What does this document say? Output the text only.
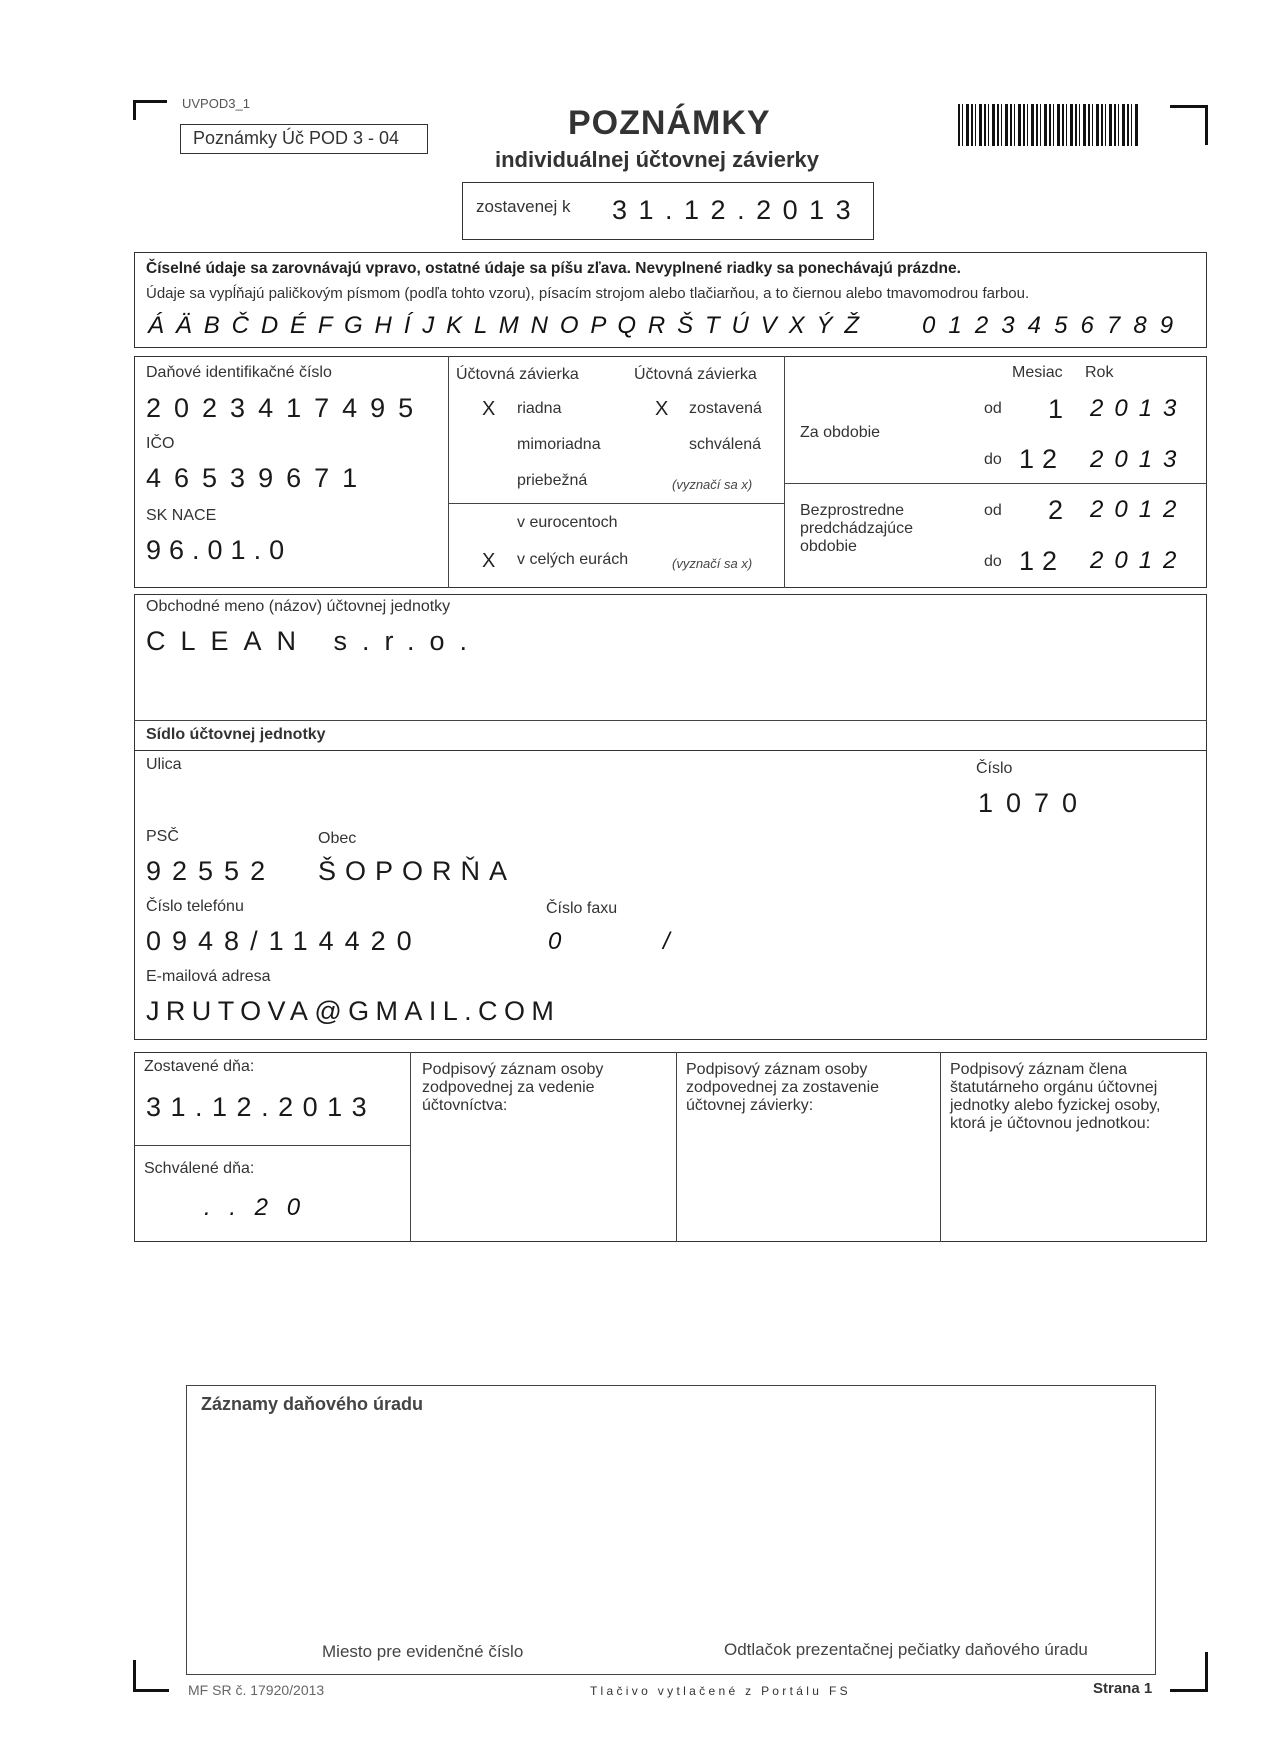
UVPOD3_1
Poznámky Úč POD 3 - 04	POZNÁMKY
individuálnej účtovnej závierky
zostavenej k 3 1 . 1 2 . 2 0 1 3
Číselné údaje sa zarovnávajú vpravo, ostatné údaje sa píšu zľava. Nevyplnené riadky sa ponechávajú prázdne.
Údaje sa vypĺňajú paličkovým písmom (podľa tohto vzoru), písacím strojom alebo tlačiarňou, a to čiernou alebo tmavomodrou farbou.
Á Ä B Č D É F G H Í J K L M N O P Q R Š T Ú V X Ý Ž	0 1 2 3 4 5 6 7 8 9
Daňové identifikačné číslo
2023417495
IČO
46539671
SK NACE
96.01.0
Účtovná závierka	Účtovná závierka
X riadna	X zostavená
mimoriadna	schválená
priebežná	(vyznačí sa x)
v eurocentoch
X v celých eurách	(vyznačí sa x)
Mesiac Rok
Za obdobie
od 1 2013
do 12 2013
Bezprostredne predchádzajúce obdobie
od 2 2012
do 12 2012
Obchodné meno (názov) účtovnej jednotky
CLEAN s.r.o.
Sídlo účtovnej jednotky
Ulica	Číslo
1070
PSČ	Obec
92552 ŠOPORŇA
Číslo telefónu	Číslo faxu
0948/114420	0	/
E-mailová adresa
JRUTOVA@GMAIL.COM
Zostavené dňa:
3 1 . 1 2 . 2 0 1 3
Schválené dňa:
. . 2 0
Podpisový záznam osoby zodpovednej za vedenie účtovníctva:
Podpisový záznam osoby zodpovednej za zostavenie účtovnej závierky:
Podpisový záznam člena štatutárneho orgánu účtovnej jednotky alebo fyzickej osoby, ktorá je účtovnou jednotkou:
Záznamy daňového úradu
Miesto pre evidenčné číslo	Odtlačok prezentačnej pečiatky daňového úradu
MF SR č. 17920/2013	T l a č i v o   v y t l a č e n é   z   P o r t á l u   F S	Strana 1
